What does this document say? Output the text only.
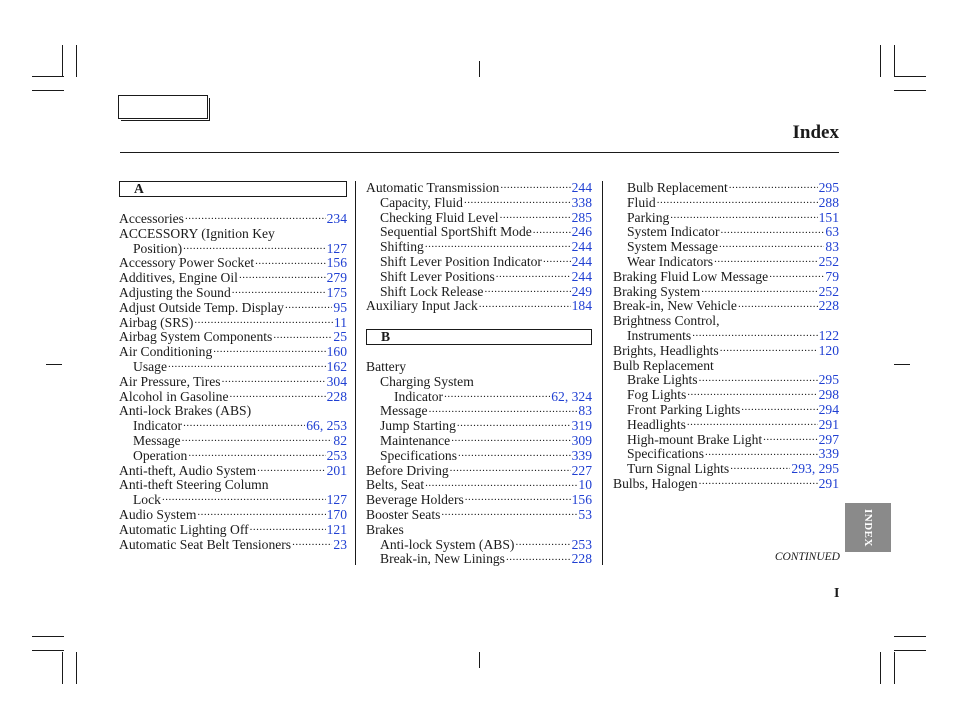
Index
A
Accessories .....	234
ACCESSORY (Ignition Key
Position) .....	127
Accessory Power Socket .....	156
Additives, Engine Oil .....	279
Adjusting the Sound .....	175
Adjust Outside Temp. Display .....	95
Airbag (SRS) .....	11
Airbag System Components .....	25
Air Conditioning .....	160
Usage .....	162
Air Pressure, Tires .....	304
Alcohol in Gasoline .....	228
Anti-lock Brakes (ABS)
Indicator .....	66, 253
Message .....	82
Operation .....	253
Anti-theft, Audio System .....	201
Anti-theft Steering Column
Lock .....	127
Audio System .....	170
Automatic Lighting Off .....	121
Automatic Seat Belt Tensioners .....	23
Automatic Transmission .....	244
Capacity, Fluid .....	338
Checking Fluid Level .....	285
Sequential SportShift Mode .....	246
Shifting .....	244
Shift Lever Position Indicator ..... 244
Shift Lever Positions .....	244
Shift Lock Release .....	249
Auxiliary Input Jack .....	184
B
Battery
Charging System
Indicator .....	62, 324
Message .....	83
Jump Starting .....	319
Maintenance .....	309
Specifications .....	339
Before Driving .....	227
Belts, Seat .....	10
Beverage Holders .....	156
Booster Seats .....	53
Brakes
Anti-lock System (ABS) .....	253
Break-in, New Linings .....	228
Bulb Replacement .....	295
Fluid .....	288
Parking .....	151
System Indicator .....	63
System Message .....	83
Wear Indicators .....	252
Braking Fluid Low Message .....	79
Braking System .....	252
Break-in, New Vehicle .....	228
Brightness Control,
Instruments .....	122
Brights, Headlights .....	120
Bulb Replacement
Brake Lights .....	295
Fog Lights .....	298
Front Parking Lights .....	294
Headlights .....	291
High-mount Brake Light .....	297
Specifications .....	339
Turn Signal Lights .....	293, 295
Bulbs, Halogen .....	291
INDEX
CONTINUED
I
